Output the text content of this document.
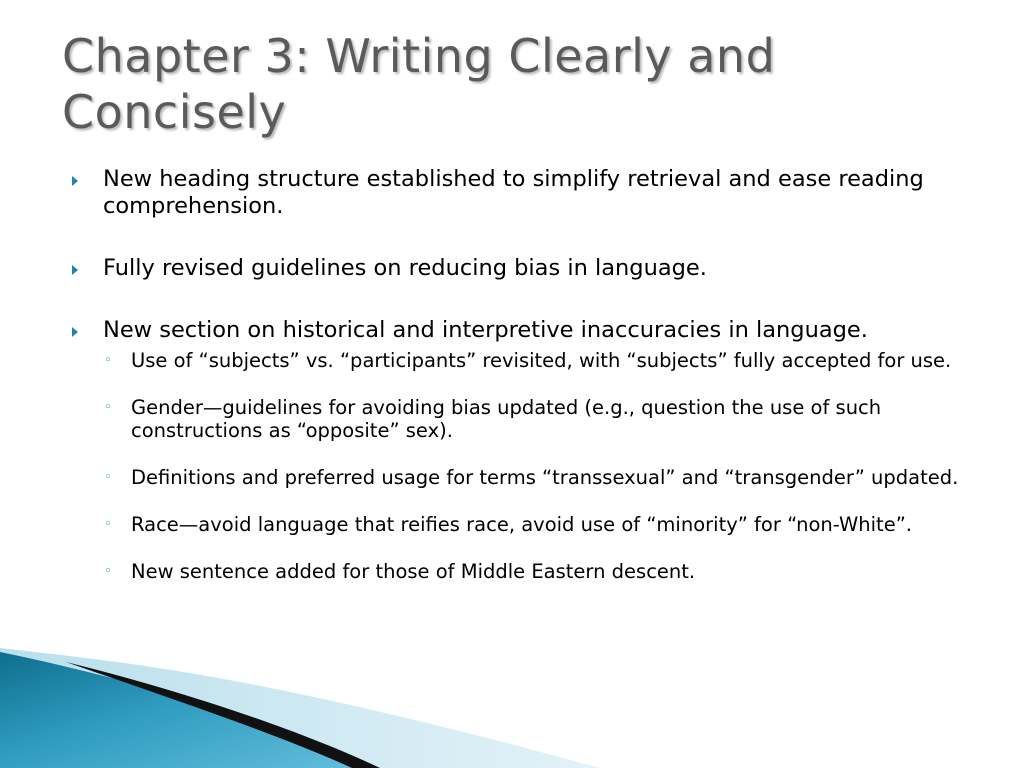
Chapter 3: Writing Clearly and Concisely
New heading structure established to simplify retrieval and ease reading comprehension.
Fully revised guidelines on reducing bias in language.
New section on historical and interpretive inaccuracies in language.
◦ Use of “subjects” vs. “participants” revisited, with “subjects” fully accepted for use.
◦ Gender—guidelines for avoiding bias updated (e.g., question the use of such constructions as “opposite” sex).
◦ Definitions and preferred usage for terms “transsexual” and “transgender” updated.
◦ Race—avoid language that reifies race, avoid use of “minority” for “non-White”.
◦ New sentence added for those of Middle Eastern descent.
